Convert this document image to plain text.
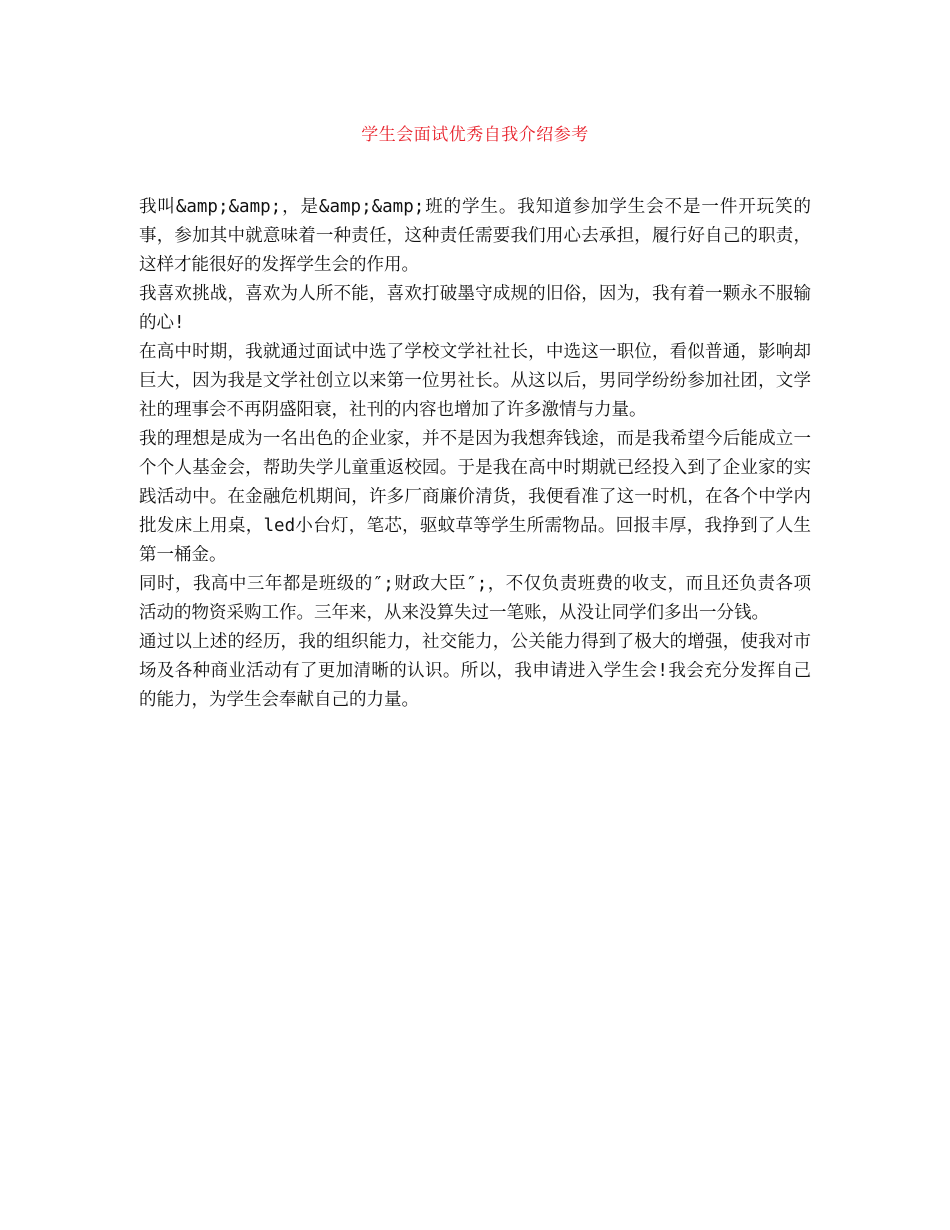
学生会面试优秀自我介绍参考

我叫&amp;&amp;，是&amp;&amp;班的学生。我知道参加学生会不是一件开玩笑的事，参加其中就意味着一种责任，这种责任需要我们用心去承担，履行好自己的职责，这样才能很好的发挥学生会的作用。

我喜欢挑战，喜欢为人所不能，喜欢打破墨守成规的旧俗，因为，我有着一颗永不服输的心!

在高中时期，我就通过面试中选了学校文学社社长，中选这一职位，看似普通，影响却巨大，因为我是文学社创立以来第一位男社长。从这以后，男同学纷纷参加社团，文学社的理事会不再阴盛阳衰，社刊的内容也增加了许多激情与力量。

我的理想是成为一名出色的企业家，并不是因为我想奔钱途，而是我希望今后能成立一个个人基金会，帮助失学儿童重返校园。于是我在高中时期就已经投入到了企业家的实践活动中。在金融危机期间，许多厂商廉价清货，我便看准了这一时机，在各个中学内批发床上用桌，led小台灯，笔芯，驱蚊草等学生所需物品。回报丰厚，我挣到了人生第一桶金。

同时，我高中三年都是班级的″;财政大臣″;，不仅负责班费的收支，而且还负责各项活动的物资采购工作。三年来，从来没算失过一笔账，从没让同学们多出一分钱。

通过以上述的经历，我的组织能力，社交能力，公关能力得到了极大的增强，使我对市场及各种商业活动有了更加清晰的认识。所以，我申请进入学生会!我会充分发挥自己的能力，为学生会奉献自己的力量。
